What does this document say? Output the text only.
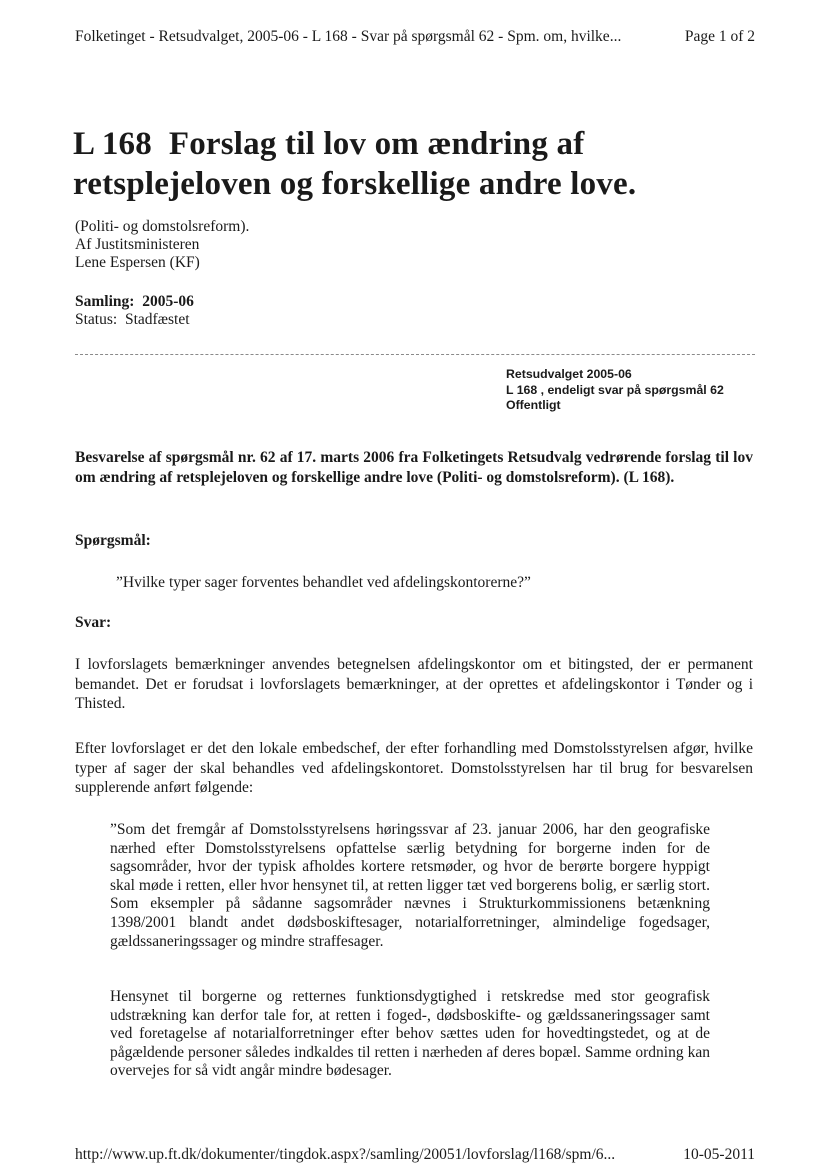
Folketinget - Retsudvalget, 2005-06 - L 168 - Svar på spørgsmål 62 - Spm. om, hvilke...	Page 1 of 2
L 168  Forslag til lov om ændring af
retsplejeloven og forskellige andre love.
(Politi- og domstolsreform).
Af Justitsministeren
Lene Espersen (KF)
Samling: 2005-06
Status: Stadfæstet
Retsudvalget 2005-06
L 168 , endeligt svar på spørgsmål 62
Offentligt
Besvarelse af spørgsmål nr. 62 af 17. marts 2006 fra Folketingets Retsudvalg vedrørende forslag til lov om ændring af retsplejeloven og forskellige andre love (Politi- og domstolsreform). (L 168).
Spørgsmål:
”Hvilke typer sager forventes behandlet ved afdelingskontorerne?”
Svar:
I lovforslagets bemærkninger anvendes betegnelsen afdelingskontor om et bitingsted, der er permanent bemandet. Det er forudsat i lovforslagets bemærkninger, at der oprettes et afdelingskontor i Tønder og i Thisted.
Efter lovforslaget er det den lokale embedschef, der efter forhandling med Domstolsstyrelsen afgør, hvilke typer af sager der skal behandles ved afdelingskontoret. Domstolsstyrelsen har til brug for besvarelsen supplerende anført følgende:
”Som det fremgår af Domstolsstyrelsens høringssvar af 23. januar 2006, har den geografiske nærhed efter Domstolsstyrelsens opfattelse særlig betydning for borgerne inden for de sagsområder, hvor der typisk afholdes kortere retsmøder, og hvor de berørte borgere hyppigt skal møde i retten, eller hvor hensynet til, at retten ligger tæt ved borgerens bolig, er særlig stort. Som eksempler på sådanne sagsområder nævnes i Strukturkommissionens betænkning 1398/2001 blandt andet dødsboskiftesager, notarialforretninger, almindelige fogedsager, gældssaneringssager og mindre straffesager.
Hensynet til borgerne og retternes funktionsdygtighed i retskredse med stor geografisk udstrækning kan derfor tale for, at retten i foged-, dødsboskifte- og gældssaneringssager samt ved foretagelse af notarialforretninger efter behov sættes uden for hovedtingstedet, og at de pågældende personer således indkaldes til retten i nærheden af deres bopæl. Samme ordning kan overvejes for så vidt angår mindre bødesager.
http://www.up.ft.dk/dokumenter/tingdok.aspx?/samling/20051/lovforslag/l168/spm/6...	10-05-2011
